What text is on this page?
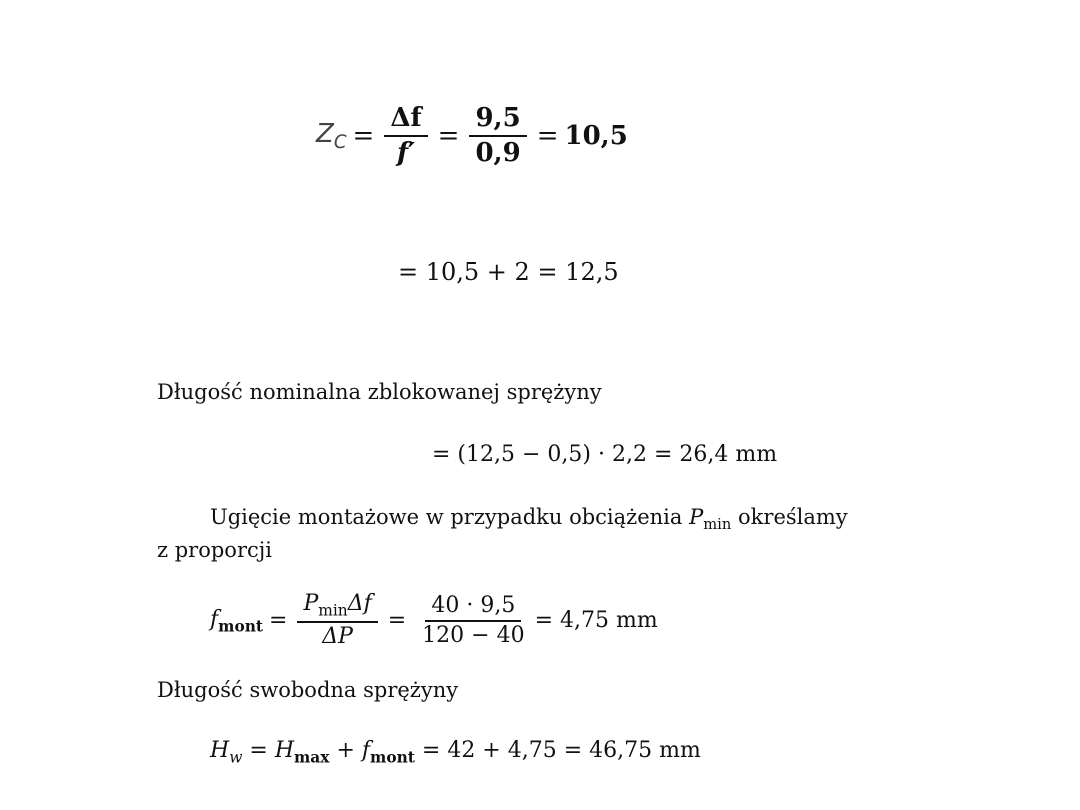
$Z_C = \frac{\Delta f}{f'} = \frac{9,5}{0,9} = 10,5$
= 10,5 + 2 = 12,5
Długość nominalna zblokowanej sprężyny
= (12,5 − 0,5) · 2,2 = 26,4 mm
Ugięcie montażowe w przypadku obciążenia $P_{min}$ określamy
z proporcji
$f_{mont} = \frac{P_{min}\Delta f}{\Delta P} = \frac{40 \cdot 9,5}{120 - 40} = 4,75$ mm
Długość swobodna sprężyny
$H_w = H_{max} + f_{mont} = 42 + 4,75 = 46,75$ mm
